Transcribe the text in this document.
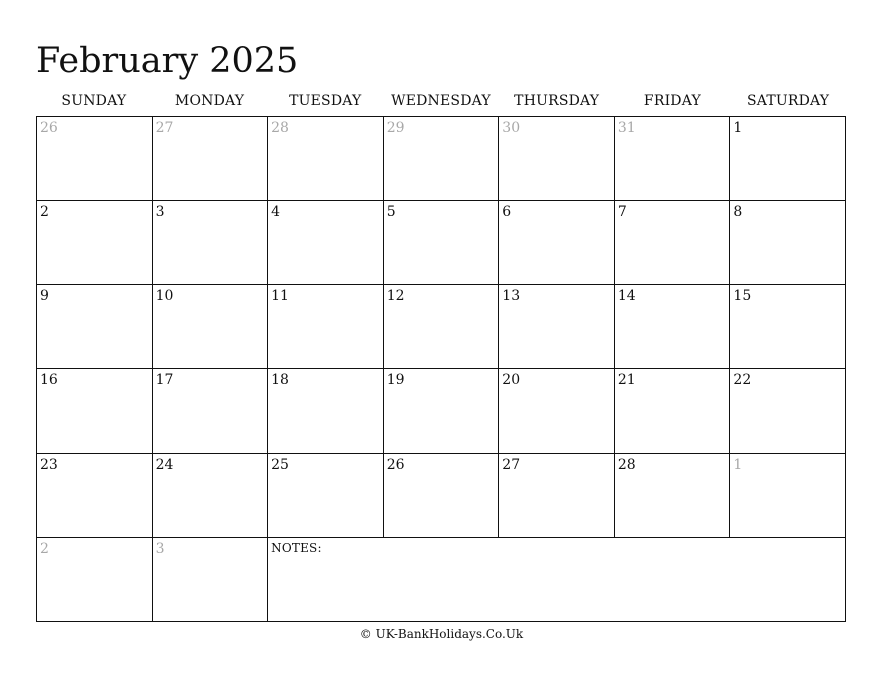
February 2025
SUNDAY	MONDAY	TUESDAY	WEDNESDAY	THURSDAY	FRIDAY	SATURDAY
26	27	28	29	30	31	1
2	3	4	5	6	7	8
9	10	11	12	13	14	15
16	17	18	19	20	21	22
23	24	25	26	27	28	1
2	3	NOTES:
© UK-BankHolidays.Co.Uk
